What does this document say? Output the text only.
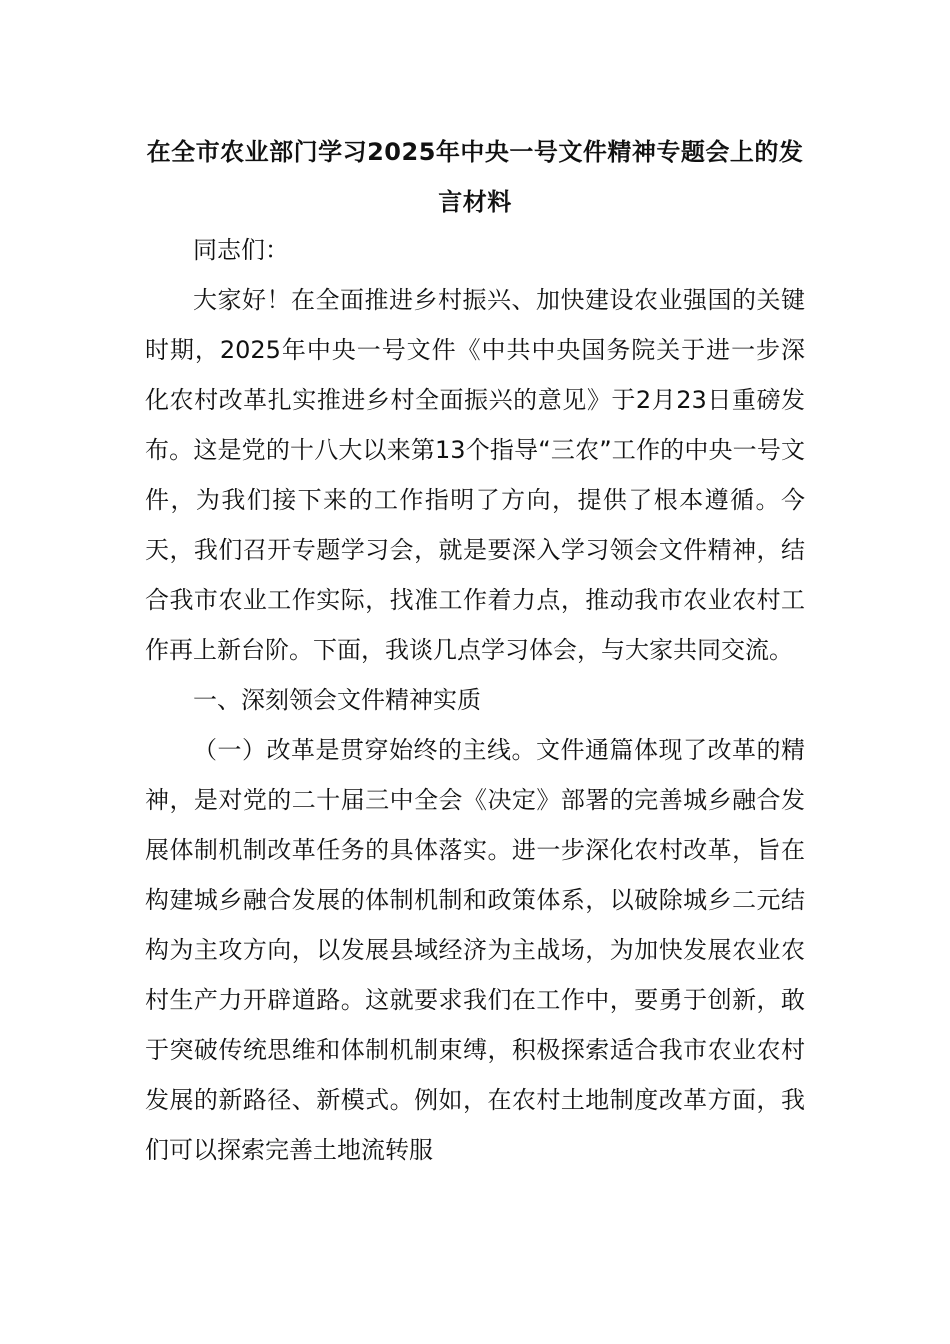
在全市农业部门学习2025年中央一号文件精神专题会上的发言材料

同志们：

大家好！在全面推进乡村振兴、加快建设农业强国的关键时期，2025年中央一号文件《中共中央国务院关于进一步深化农村改革扎实推进乡村全面振兴的意见》于2月23日重磅发布。这是党的十八大以来第13个指导“三农”工作的中央一号文件，为我们接下来的工作指明了方向，提供了根本遵循。今天，我们召开专题学习会，就是要深入学习领会文件精神，结合我市农业工作实际，找准工作着力点，推动我市农业农村工作再上新台阶。下面，我谈几点学习体会，与大家共同交流。

一、深刻领会文件精神实质

（一）改革是贯穿始终的主线。文件通篇体现了改革的精神，是对党的二十届三中全会《决定》部署的完善城乡融合发展体制机制改革任务的具体落实。进一步深化农村改革，旨在构建城乡融合发展的体制机制和政策体系，以破除城乡二元结构为主攻方向，以发展县域经济为主战场，为加快发展农业农村生产力开辟道路。这就要求我们在工作中，要勇于创新，敢于突破传统思维和体制机制束缚，积极探索适合我市农业农村发展的新路径、新模式。例如，在农村土地制度改革方面，我们可以探索完善土地流转服
